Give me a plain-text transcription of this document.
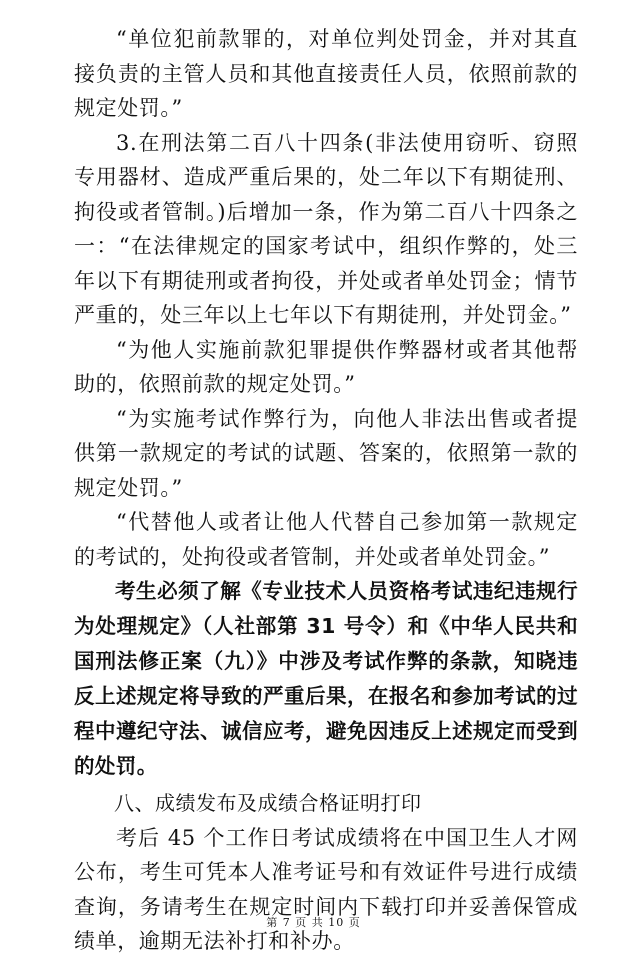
“单位犯前款罪的，对单位判处罚金，并对其直接负责的主管人员和其他直接责任人员，依照前款的规定处罚。”

3.在刑法第二百八十四条(非法使用窃听、窃照专用器材、造成严重后果的，处二年以下有期徒刑、拘役或者管制。)后增加一条，作为第二百八十四条之一：“在法律规定的国家考试中，组织作弊的，处三年以下有期徒刑或者拘役，并处或者单处罚金；情节严重的，处三年以上七年以下有期徒刑，并处罚金。”

“为他人实施前款犯罪提供作弊器材或者其他帮助的，依照前款的规定处罚。”

“为实施考试作弊行为，向他人非法出售或者提供第一款规定的考试的试题、答案的，依照第一款的规定处罚。”

“代替他人或者让他人代替自己参加第一款规定的考试的，处拘役或者管制，并处或者单处罚金。”

考生必须了解《专业技术人员资格考试违纪违规行为处理规定》（人社部第 31 号令）和《中华人民共和国刑法修正案（九）》中涉及考试作弊的条款，知晓违反上述规定将导致的严重后果，在报名和参加考试的过程中遵纪守法、诚信应考，避免因违反上述规定而受到的处罚。

八、成绩发布及成绩合格证明打印

考后 45 个工作日考试成绩将在中国卫生人才网公布，考生可凭本人准考证号和有效证件号进行成绩查询，务请考生在规定时间内下载打印并妥善保管成绩单，逾期无法补打和补办。

第 7 页 共 10 页
